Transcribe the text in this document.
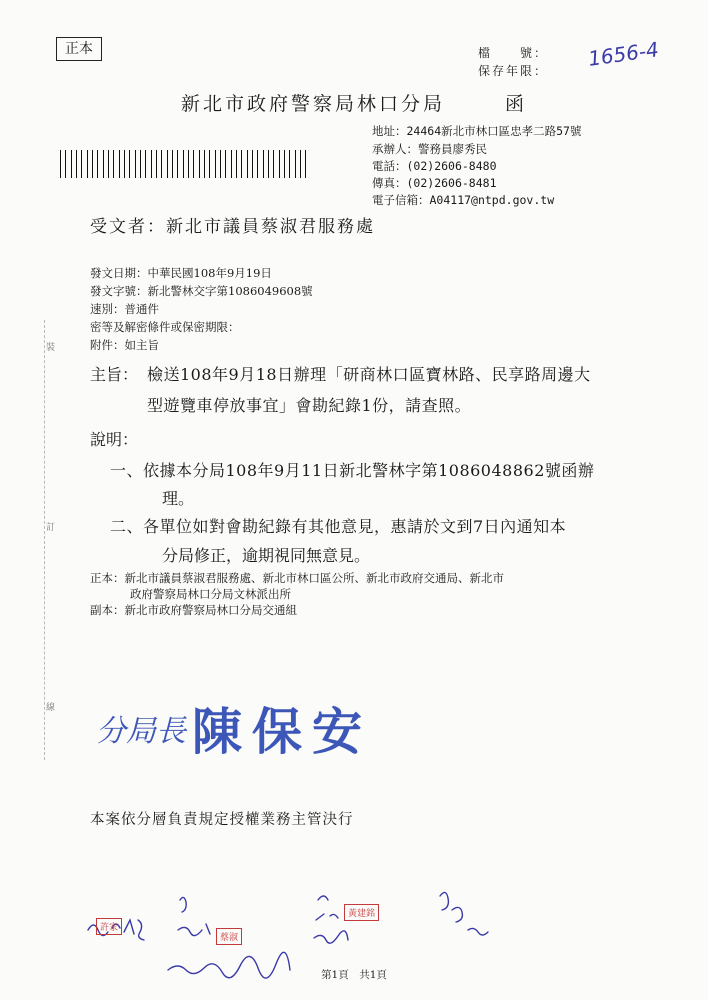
正本	檔　　號：
保存年限：
1656-4
新北市政府警察局林口分局	函
地址：24464新北市林口區忠孝二路57號
承辦人：警務員廖秀民
電話：(02)2606-8480
傳真：(02)2606-8481
電子信箱：A04117@ntpd.gov.tw
受文者：新北市議員蔡淑君服務處
發文日期：中華民國108年9月19日
發文字號：新北警林交字第1086049608號
速別：普通件
密等及解密條件或保密期限：
附件：如主旨
主旨： 檢送108年9月18日辦理「研商林口區寶林路、民享路周邊大
型遊覽車停放事宜」會勘紀錄1份，請查照。
說明：
一、依據本分局108年9月11日新北警林字第1086048862號函辦
理。
二、各單位如對會勘紀錄有其他意見，惠請於文到7日內通知本
分局修正，逾期視同無意見。
正本：新北市議員蔡淑君服務處、新北市林口區公所、新北市政府交通局、新北市
政府警察局林口分局文林派出所
副本：新北市政府警察局林口分局交通組
裝
訂
線
分局長 陳保安
本案依分層負責規定授權業務主管決行
許家
蔡淑
黃建銘
第1頁　共1頁
